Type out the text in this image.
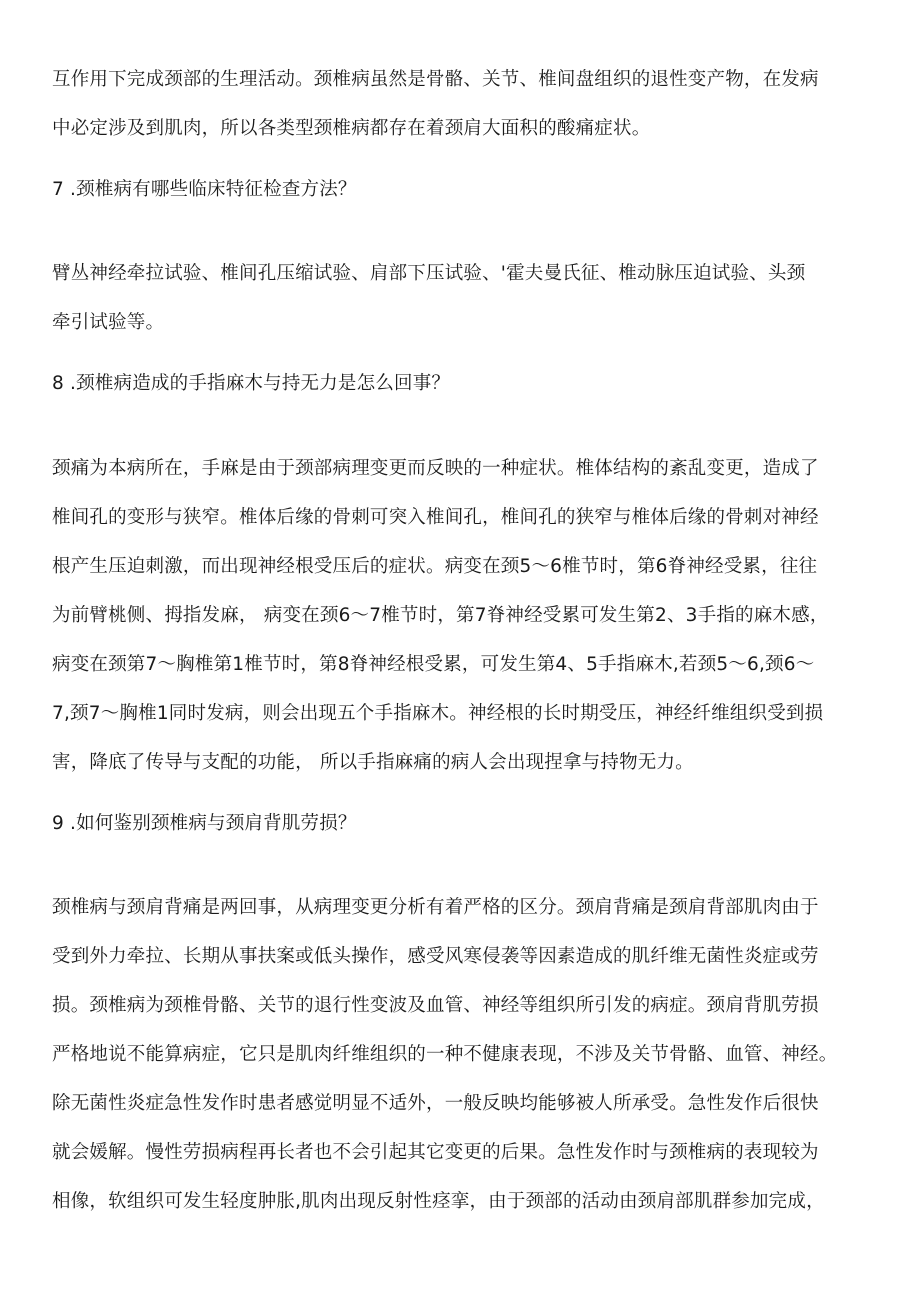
互作用下完成颈部的生理活动。颈椎病虽然是骨骼、关节、椎间盘组织的退性变产物，在发病
中必定涉及到肌肉，所以各类型颈椎病都存在着颈肩大面积的酸痛症状。
7 .颈椎病有哪些临床特征检查方法？
臂丛神经牵拉试验、椎间孔压缩试验、肩部下压试验、'霍夫曼氏征、椎动脉压迫试验、头颈
牵引试验等。
8 .颈椎病造成的手指麻木与持无力是怎么回事？
颈痛为本病所在，手麻是由于颈部病理变更而反映的一种症状。椎体结构的紊乱变更，造成了
椎间孔的变形与狭窄。椎体后缘的骨刺可突入椎间孔，椎间孔的狭窄与椎体后缘的骨刺对神经
根产生压迫刺激，而出现神经根受压后的症状。病变在颈5～6椎节时，第6脊神经受累，往往
为前臂桃侧、拇指发麻， 病变在颈6～7椎节时，第7脊神经受累可发生第2、3手指的麻木感，
病变在颈第7〜胸椎第1椎节时，第8脊神经根受累，可发生第4、5手指麻木,若颈5～6,颈6～
7,颈7〜胸椎1同时发病，则会出现五个手指麻木。神经根的长时期受压，神经纤维组织受到损
害，降底了传导与支配的功能， 所以手指麻痛的病人会出现捏拿与持物无力。
9 .如何鉴别颈椎病与颈肩背肌劳损？
颈椎病与颈肩背痛是两回事，从病理变更分析有着严格的区分。颈肩背痛是颈肩背部肌肉由于
受到外力牵拉、长期从事扶案或低头操作，感受风寒侵袭等因素造成的肌纤维无菌性炎症或劳
损。颈椎病为颈椎骨骼、关节的退行性变波及血管、神经等组织所引发的病症。颈肩背肌劳损
严格地说不能算病症，它只是肌肉纤维组织的一种不健康表现，不涉及关节骨骼、血管、神经。
除无菌性炎症急性发作时患者感觉明显不适外，一般反映均能够被人所承受。急性发作后很快
就会媛解。慢性劳损病程再长者也不会引起其它变更的后果。急性发作时与颈椎病的表现较为
相像，软组织可发生轻度肿胀,肌肉出现反射性痉挛，由于颈部的活动由颈肩部肌群参加完成，
